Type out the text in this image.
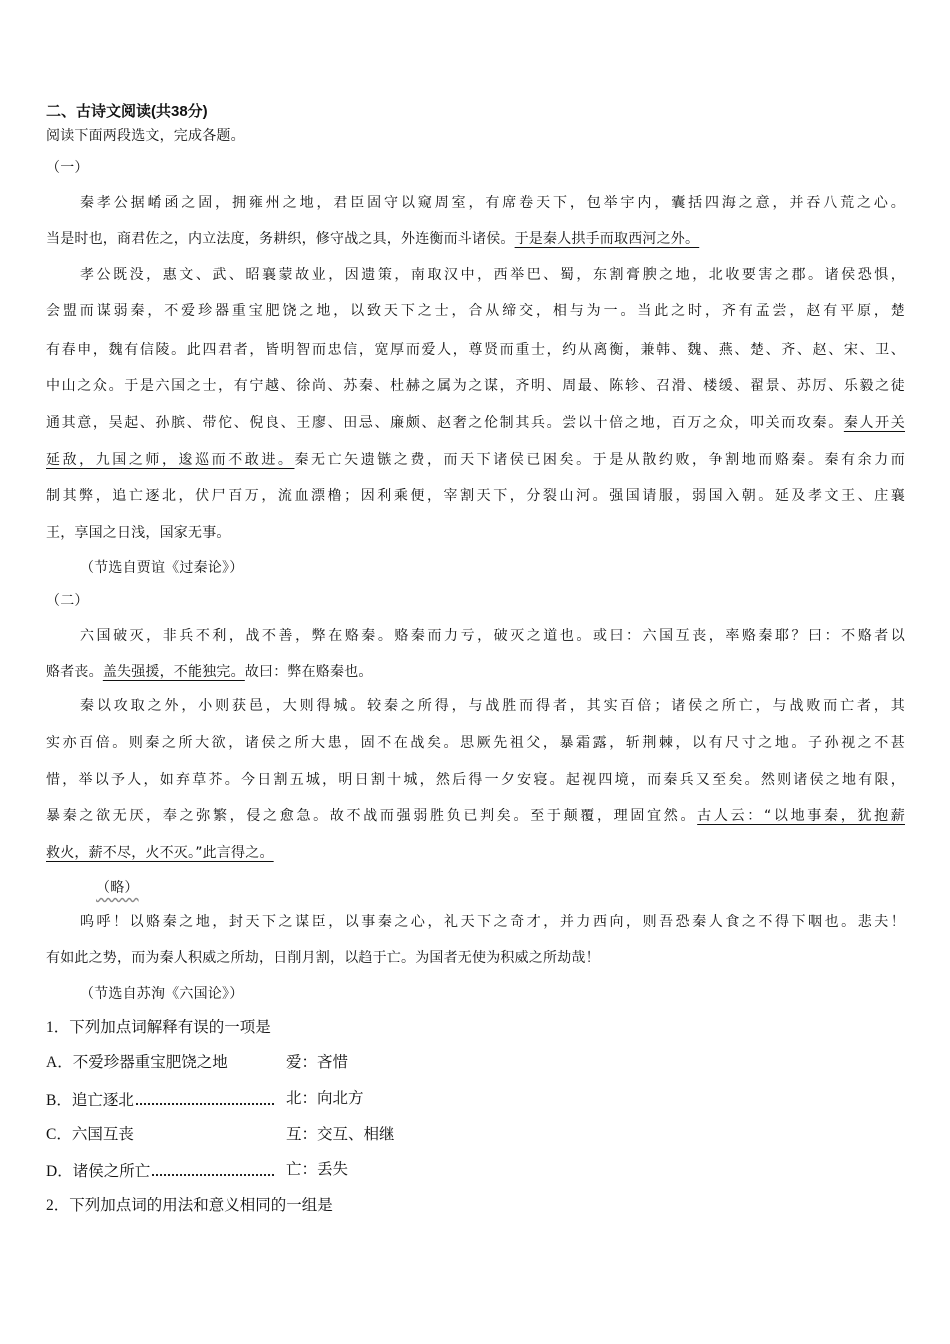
二、古诗文阅读(共38分)
阅读下面两段选文，完成各题。
（一）
秦孝公据崤函之固，拥雍州之地，君臣固守以窥周室，有席卷天下，包举宇内，囊括四海之意，并吞八荒之心。
当是时也，商君佐之，内立法度，务耕织，修守战之具，外连衡而斗诸侯。于是秦人拱手而取西河之外。
孝公既没，惠文、武、昭襄蒙故业，因遗策，南取汉中，西举巴、蜀，东割膏腴之地，北收要害之郡。诸侯恐惧，
会盟而谋弱秦，不爱珍器重宝肥饶之地，以致天下之士，合从缔交，相与为一。当此之时，齐有孟尝，赵有平原，楚
有春申，魏有信陵。此四君者，皆明智而忠信，宽厚而爱人，尊贤而重士，约从离衡，兼韩、魏、燕、楚、齐、赵、宋、卫、
中山之众。于是六国之士，有宁越、徐尚、苏秦、杜赫之属为之谋，齐明、周最、陈轸、召滑、楼缓、翟景、苏厉、乐毅之徒
通其意，吴起、孙膑、带佗、倪良、王廖、田忌、廉颇、赵奢之伦制其兵。尝以十倍之地，百万之众，叩关而攻秦。秦人开关
延敌，九国之师，逡巡而不敢进。秦无亡矢遗镞之费，而天下诸侯已困矣。于是从散约败，争割地而赂秦。秦有余力而
制其弊，追亡逐北，伏尸百万，流血漂橹；因利乘便，宰割天下，分裂山河。强国请服，弱国入朝。延及孝文王、庄襄
王，享国之日浅，国家无事。
（节选自贾谊《过秦论》）
（二）
六国破灭，非兵不利，战不善，弊在赂秦。赂秦而力亏，破灭之道也。或曰：六国互丧，率赂秦耶？曰：不赂者以
赂者丧。盖失强援，不能独完。故曰：弊在赂秦也。
秦以攻取之外，小则获邑，大则得城。较秦之所得，与战胜而得者，其实百倍；诸侯之所亡，与战败而亡者，其
实亦百倍。则秦之所大欲，诸侯之所大患，固不在战矣。思厥先祖父，暴霜露，斩荆棘，以有尺寸之地。子孙视之不甚
惜，举以予人，如弃草芥。今日割五城，明日割十城，然后得一夕安寝。起视四境，而秦兵又至矣。然则诸侯之地有限，
暴秦之欲无厌，奉之弥繁，侵之愈急。故不战而强弱胜负已判矣。至于颠覆，理固宜然。古人云：“以地事秦，犹抱薪
救火，薪不尽，火不灭。”此言得之。
（略）
呜呼！以赂秦之地，封天下之谋臣，以事秦之心，礼天下之奇才，并力西向，则吾恐秦人食之不得下咽也。悲夫！
有如此之势，而为秦人积威之所劫，日削月割，以趋于亡。为国者无使为积威之所劫哉！
（节选自苏洵《六国论》）
1．下列加点词解释有误的一项是
A．不爱珍器重宝肥饶之地	爱：吝惜
B．追亡逐北	北：向北方
C．六国互丧	互：交互、相继
D．诸侯之所亡	亡：丢失
2．下列加点词的用法和意义相同的一组是
